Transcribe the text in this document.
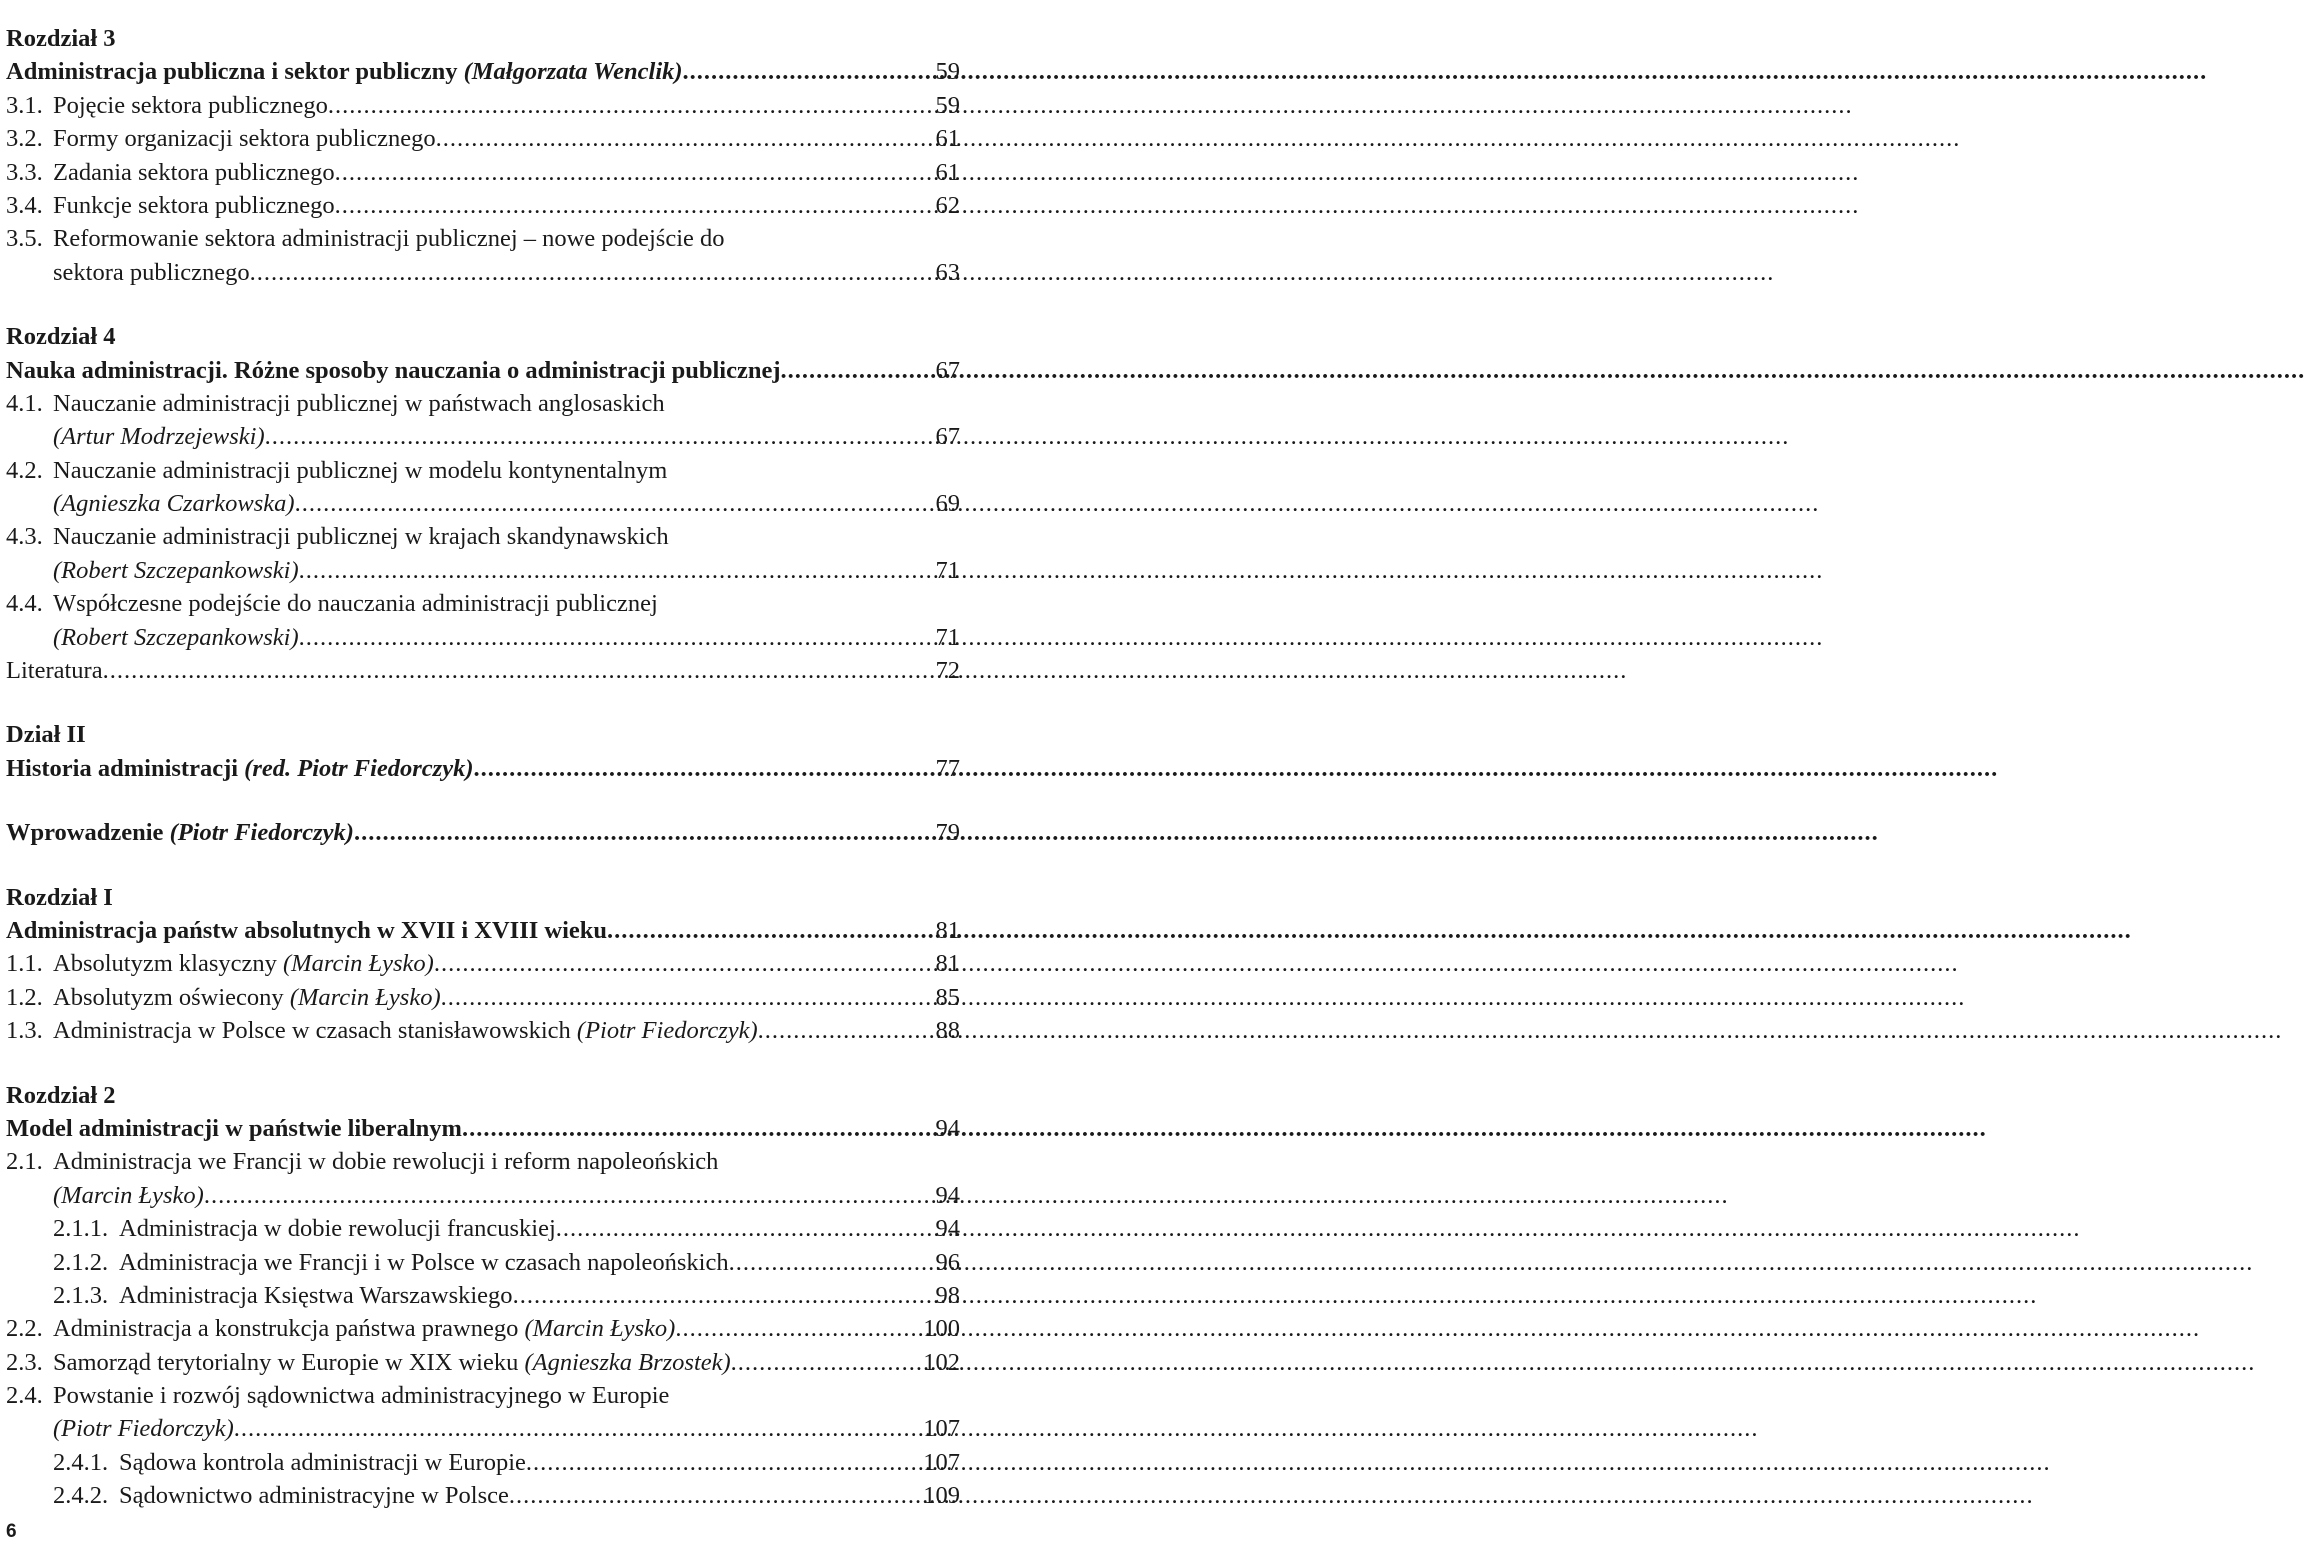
Rozdział 3
Administracja publiczna i sektor publiczny (Małgorzata Wenclik) .....	59
3.1. Pojęcie sektora publicznego .....	59
3.2. Formy organizacji sektora publicznego .....	61
3.3. Zadania sektora publicznego .....	61
3.4. Funkcje sektora publicznego .....	62
3.5. Reformowanie sektora administracji publicznej – nowe podejście do
sektora publicznego .....	63
Rozdział 4
Nauka administracji. Różne sposoby nauczania o administracji publicznej .....	67
4.1. Nauczanie administracji publicznej w państwach anglosaskich
(Artur Modrzejewski) .....	67
4.2. Nauczanie administracji publicznej w modelu kontynentalnym
(Agnieszka Czarkowska) .....	69
4.3. Nauczanie administracji publicznej w krajach skandynawskich
(Robert Szczepankowski) .....	71
4.4. Współczesne podejście do nauczania administracji publicznej
(Robert Szczepankowski) .....	71
Literatura .....	72
Dział II
Historia administracji (red. Piotr Fiedorczyk) .....	77
Wprowadzenie (Piotr Fiedorczyk) .....	79
Rozdział I
Administracja państw absolutnych w XVII i XVIII wieku .....	81
1.1. Absolutyzm klasyczny (Marcin Łysko) .....	81
1.2. Absolutyzm oświecony (Marcin Łysko) .....	85
1.3. Administracja w Polsce w czasach stanisławowskich (Piotr Fiedorczyk) .....	88
Rozdział 2
Model administracji w państwie liberalnym .....	94
2.1. Administracja we Francji w dobie rewolucji i reform napoleońskich
(Marcin Łysko) .....	94
2.1.1. Administracja w dobie rewolucji francuskiej .....	94
2.1.2. Administracja we Francji i w Polsce w czasach napoleońskich .....	96
2.1.3. Administracja Księstwa Warszawskiego .....	98
2.2. Administracja a konstrukcja państwa prawnego (Marcin Łysko) .....	100
2.3. Samorząd terytorialny w Europie w XIX wieku (Agnieszka Brzostek) .....	102
2.4. Powstanie i rozwój sądownictwa administracyjnego w Europie
(Piotr Fiedorczyk) .....	107
2.4.1. Sądowa kontrola administracji w Europie .....	107
2.4.2. Sądownictwo administracyjne w Polsce .....	109
6
